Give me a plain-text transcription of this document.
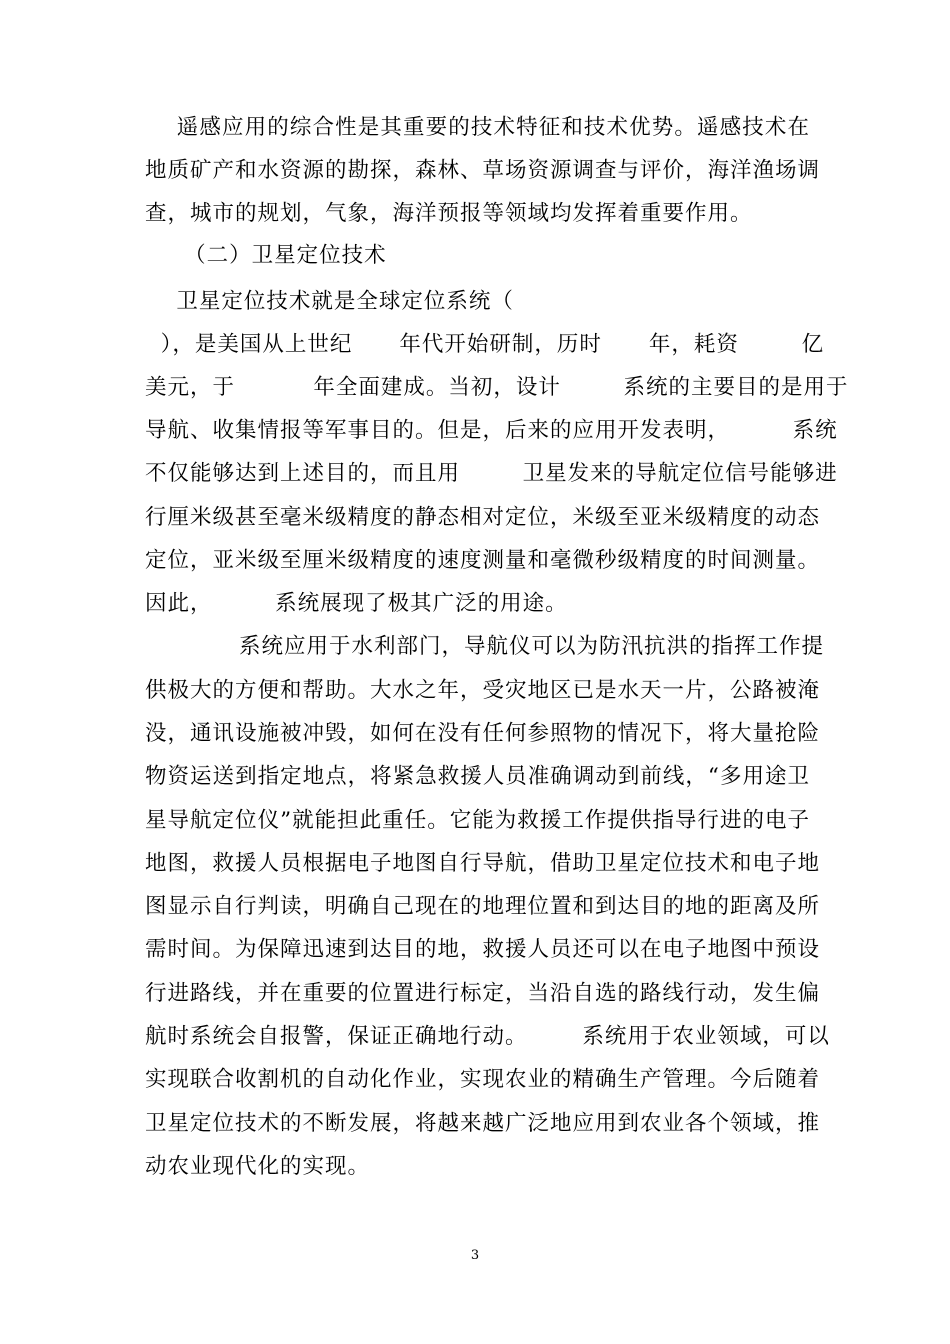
遥感应用的综合性是其重要的技术特征和技术优势。遥感技术在
地质矿产和水资源的勘探，森林、草场资源调查与评价，海洋渔场调
查，城市的规划，气象，海洋预报等领域均发挥着重要作用。
（二）卫星定位技术
卫星定位技术就是全球定位系统（
），是美国从上世纪      年代开始研制，历时      年，耗资        亿
美元，于          年全面建成。当初，设计        系统的主要目的是用于
导航、收集情报等军事目的。但是，后来的应用开发表明，        系统
不仅能够达到上述目的，而且用        卫星发来的导航定位信号能够进
行厘米级甚至毫米级精度的静态相对定位，米级至亚米级精度的动态
定位，亚米级至厘米级精度的速度测量和毫微秒级精度的时间测量。
因此，        系统展现了极其广泛的用途。
系统应用于水利部门，导航仪可以为防汛抗洪的指挥工作提
供极大的方便和帮助。大水之年，受灾地区已是水天一片，公路被淹
没，通讯设施被冲毁，如何在没有任何参照物的情况下，将大量抢险
物资运送到指定地点，将紧急救援人员准确调动到前线，“多用途卫
星导航定位仪”就能担此重任。它能为救援工作提供指导行进的电子
地图，救援人员根据电子地图自行导航，借助卫星定位技术和电子地
图显示自行判读，明确自己现在的地理位置和到达目的地的距离及所
需时间。为保障迅速到达目的地，救援人员还可以在电子地图中预设
行进路线，并在重要的位置进行标定，当沿自选的路线行动，发生偏
航时系统会自报警，保证正确地行动。       系统用于农业领域，可以
实现联合收割机的自动化作业，实现农业的精确生产管理。今后随着
卫星定位技术的不断发展，将越来越广泛地应用到农业各个领域，推
动农业现代化的实现。
3
